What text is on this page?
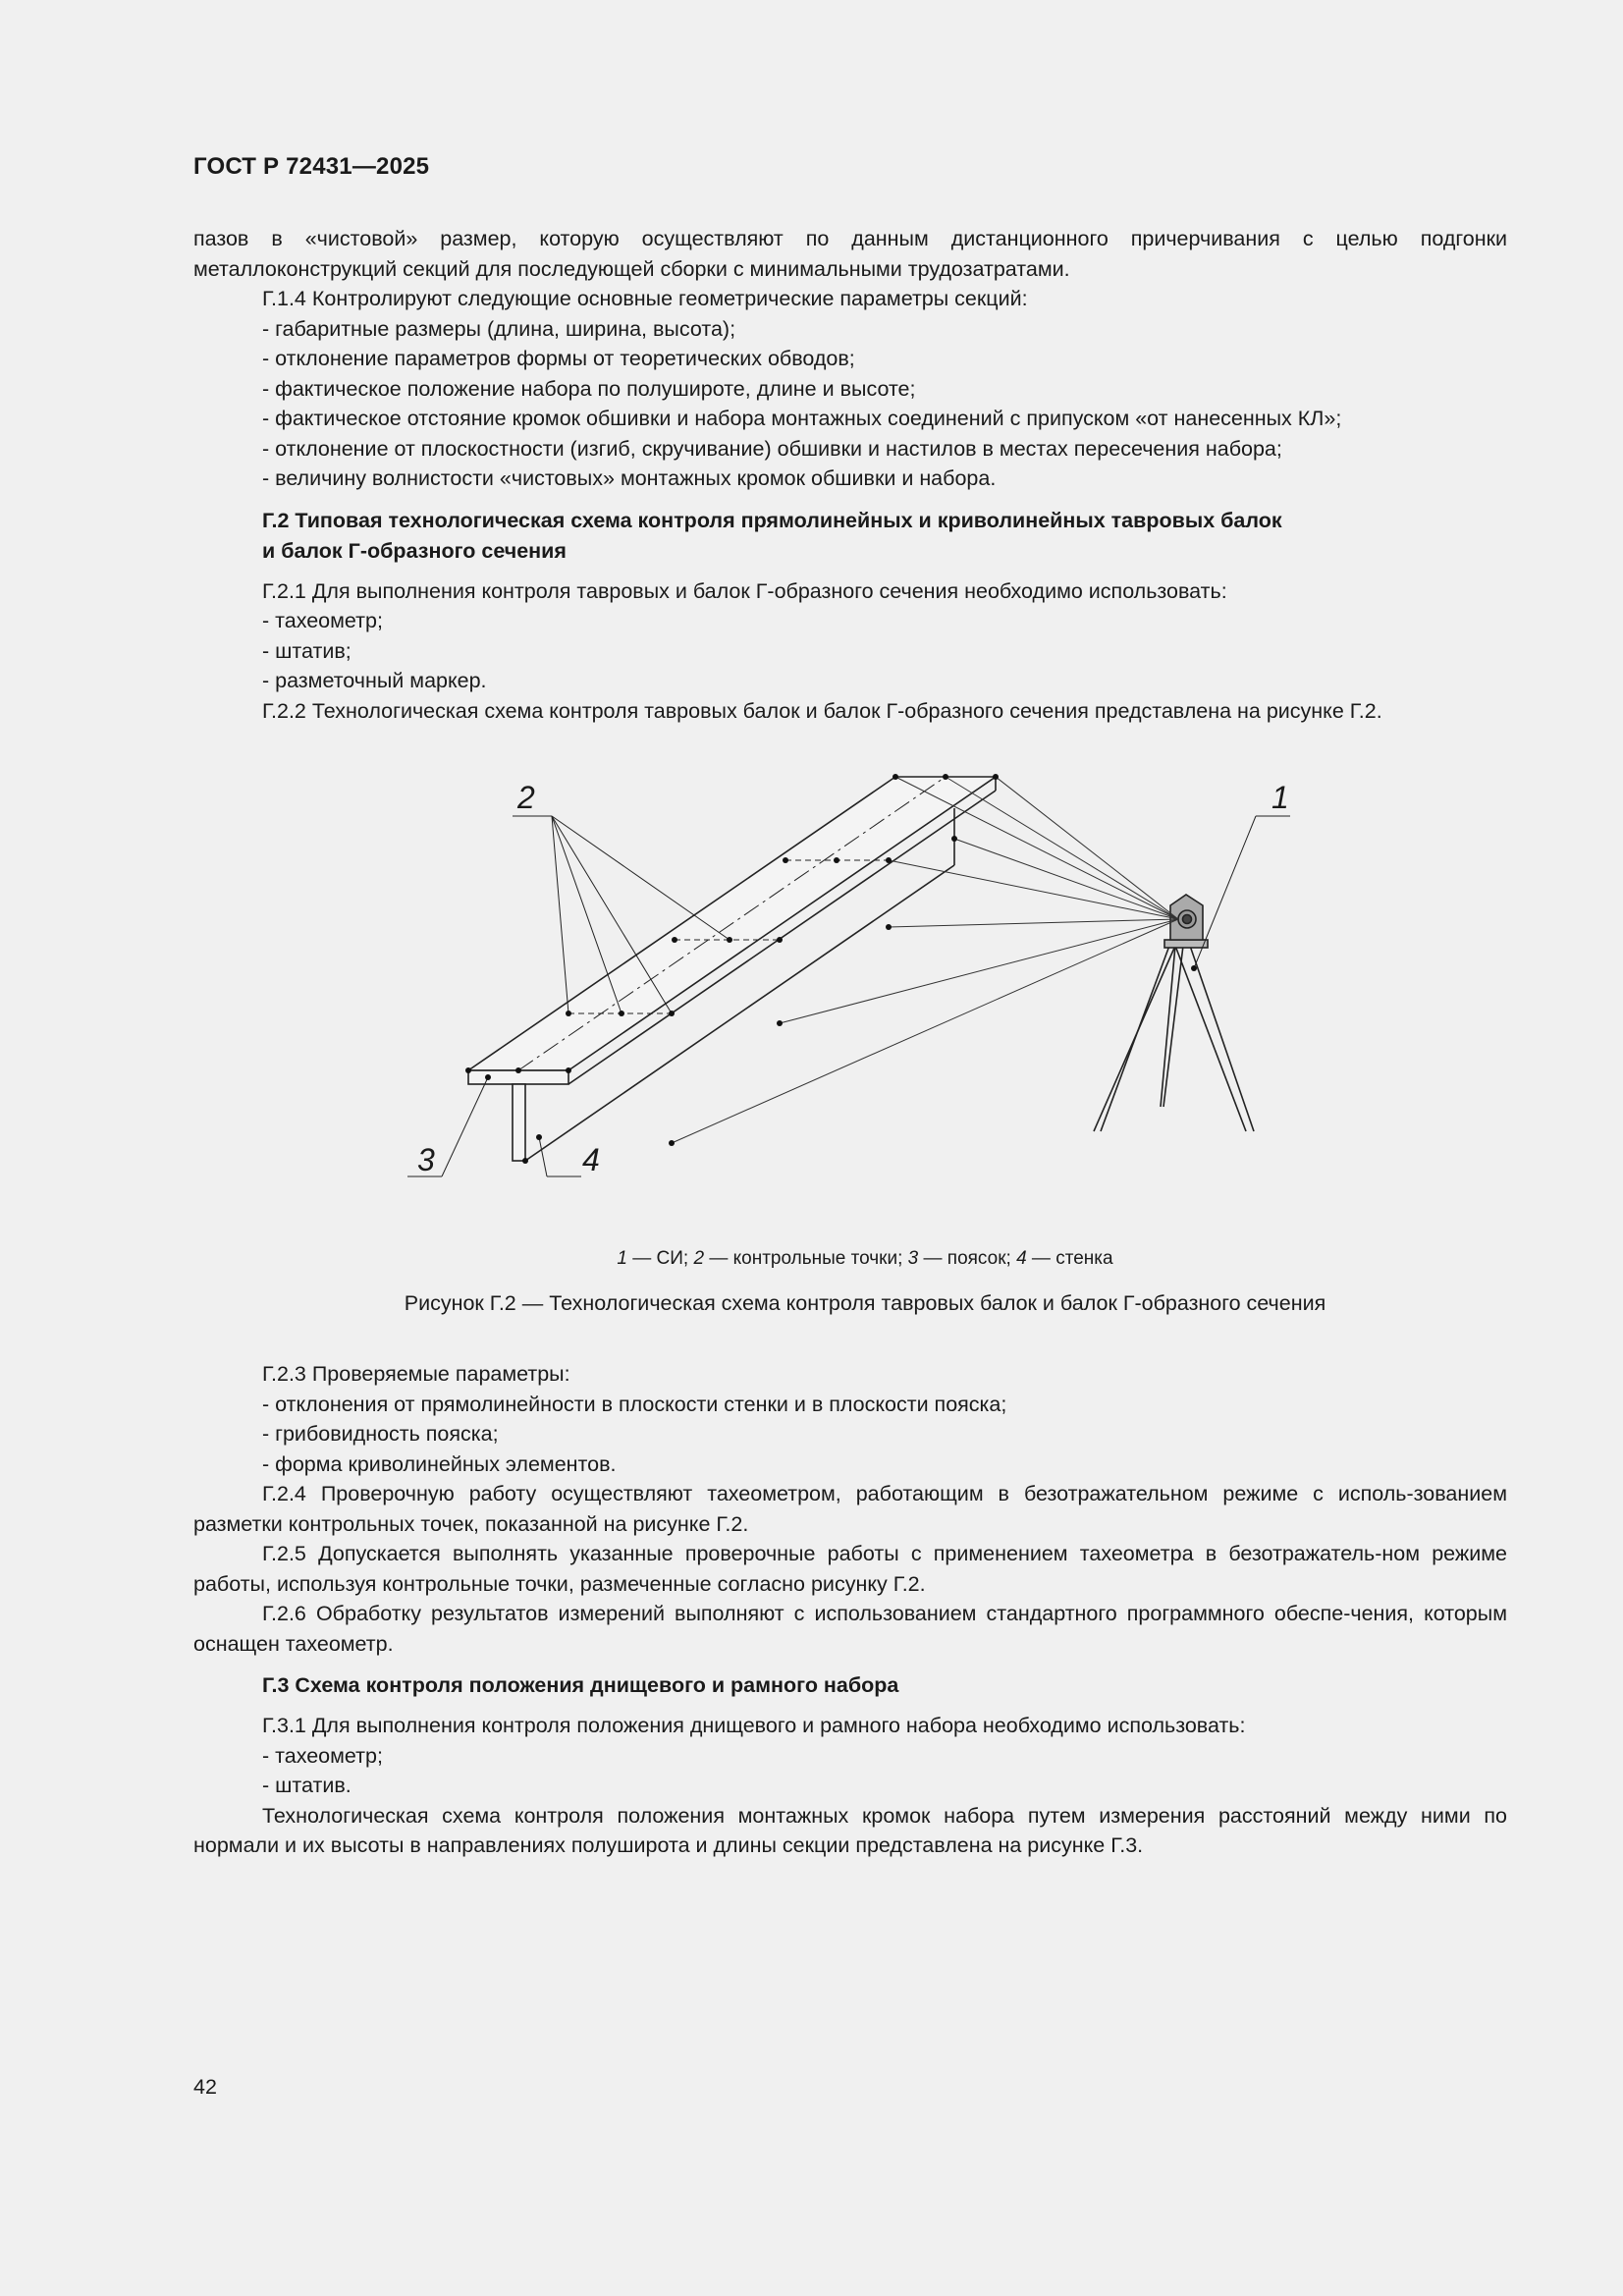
ГОСТ Р 72431—2025

пазов в «чистовой» размер, которую осуществляют по данным дистанционного причерчивания с целью подгонки металлоконструкций секций для последующей сборки с минимальными трудозатратами.

Г.1.4 Контролируют следующие основные геометрические параметры секций:

- габаритные размеры (длина, ширина, высота);

- отклонение параметров формы от теоретических обводов;

- фактическое положение набора по полушироте, длине и высоте;

- фактическое отстояние кромок обшивки и набора монтажных соединений с припуском «от нанесенных КЛ»;

- отклонение от плоскостности (изгиб, скручивание) обшивки и настилов в местах пересечения набора;

- величину волнистости «чистовых» монтажных кромок обшивки и набора.

Г.2 Типовая технологическая схема контроля прямолинейных и криволинейных тавровых балок
и балок Г-образного сечения

Г.2.1 Для выполнения контроля тавровых и балок Г-образного сечения необходимо использовать:

- тахеометр;

- штатив;

- разметочный маркер.

Г.2.2 Технологическая схема контроля тавровых балок и балок Г-образного сечения представлена на рисунке Г.2.

2	1
3	4

1 — СИ; 2 — контрольные точки; 3 — поясок; 4 — стенка

Рисунок Г.2 — Технологическая схема контроля тавровых балок и балок Г-образного сечения

Г.2.3 Проверяемые параметры:

- отклонения от прямолинейности в плоскости стенки и в плоскости пояска;

- грибовидность пояска;

- форма криволинейных элементов.

Г.2.4 Проверочную работу осуществляют тахеометром, работающим в безотражательном режиме с исполь-зованием разметки контрольных точек, показанной на рисунке Г.2.

Г.2.5 Допускается выполнять указанные проверочные работы с применением тахеометра в безотражатель-ном режиме работы, используя контрольные точки, размеченные согласно рисунку Г.2.

Г.2.6 Обработку результатов измерений выполняют с использованием стандартного программного обеспе-чения, которым оснащен тахеометр.

Г.3 Схема контроля положения днищевого и рамного набора

Г.3.1 Для выполнения контроля положения днищевого и рамного набора необходимо использовать:

- тахеометр;

- штатив.

Технологическая схема контроля положения монтажных кромок набора путем измерения расстояний между ними по нормали и их высоты в направлениях полуширота и длины секции представлена на рисунке Г.3.

42
